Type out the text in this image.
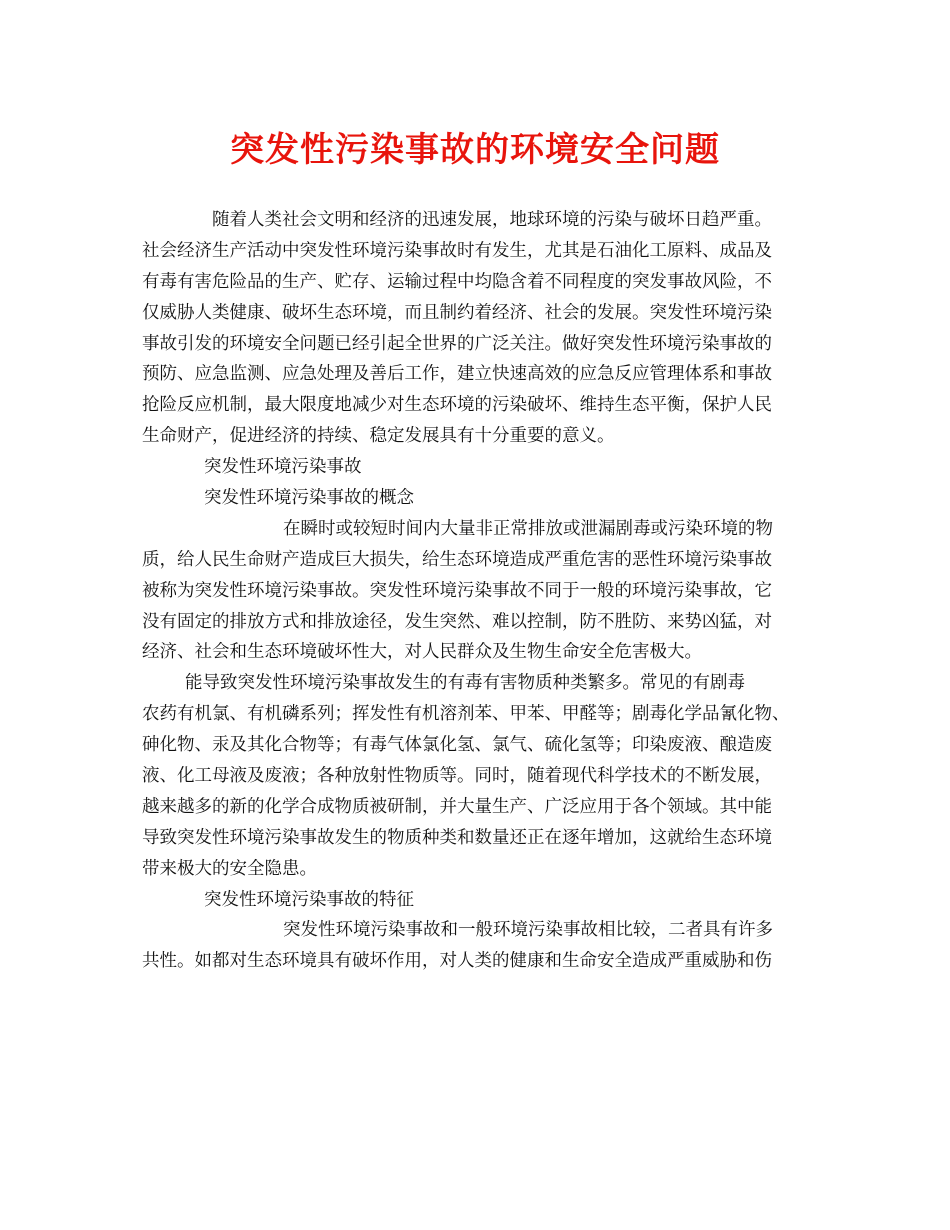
突发性污染事故的环境安全问题
随着人类社会文明和经济的迅速发展，地球环境的污染与破坏日趋严重。
社会经济生产活动中突发性环境污染事故时有发生，尤其是石油化工原料、成品及
有毒有害危险品的生产、贮存、运输过程中均隐含着不同程度的突发事故风险，不
仅威胁人类健康、破坏生态环境，而且制约着经济、社会的发展。突发性环境污染
事故引发的环境安全问题已经引起全世界的广泛关注。做好突发性环境污染事故的
预防、应急监测、应急处理及善后工作，建立快速高效的应急反应管理体系和事故
抢险反应机制，最大限度地减少对生态环境的污染破坏、维持生态平衡，保护人民
生命财产，促进经济的持续、稳定发展具有十分重要的意义。
突发性环境污染事故
突发性环境污染事故的概念
在瞬时或较短时间内大量非正常排放或泄漏剧毒或污染环境的物
质，给人民生命财产造成巨大损失，给生态环境造成严重危害的恶性环境污染事故
被称为突发性环境污染事故。突发性环境污染事故不同于一般的环境污染事故，它
没有固定的排放方式和排放途径，发生突然、难以控制，防不胜防、来势凶猛，对
经济、社会和生态环境破坏性大，对人民群众及生物生命安全危害极大。
能导致突发性环境污染事故发生的有毒有害物质种类繁多。常见的有剧毒
农药有机氯、有机磷系列；挥发性有机溶剂苯、甲苯、甲醛等；剧毒化学品氰化物、
砷化物、汞及其化合物等；有毒气体氯化氢、氯气、硫化氢等；印染废液、酿造废
液、化工母液及废液；各种放射性物质等。同时，随着现代科学技术的不断发展，
越来越多的新的化学合成物质被研制，并大量生产、广泛应用于各个领域。其中能
导致突发性环境污染事故发生的物质种类和数量还正在逐年增加，这就给生态环境
带来极大的安全隐患。
突发性环境污染事故的特征
突发性环境污染事故和一般环境污染事故相比较，二者具有许多
共性。如都对生态环境具有破坏作用，对人类的健康和生命安全造成严重威胁和伤
